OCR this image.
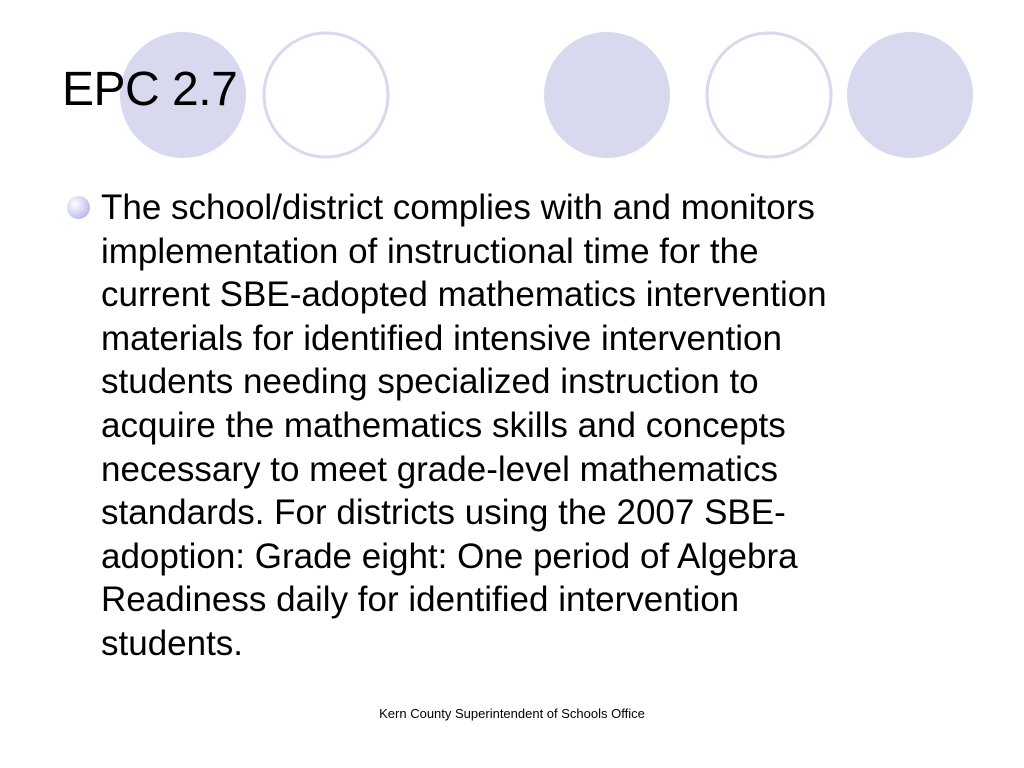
EPC 2.7
The school/district complies with and monitors
implementation of instructional time for the
current SBE-adopted mathematics intervention
materials for identified intensive intervention
students needing specialized instruction to
acquire the mathematics skills and concepts
necessary to meet grade-level mathematics
standards. For districts using the 2007 SBE-
adoption: Grade eight: One period of Algebra
Readiness daily for identified intervention
students.
Kern County Superintendent of Schools Office
